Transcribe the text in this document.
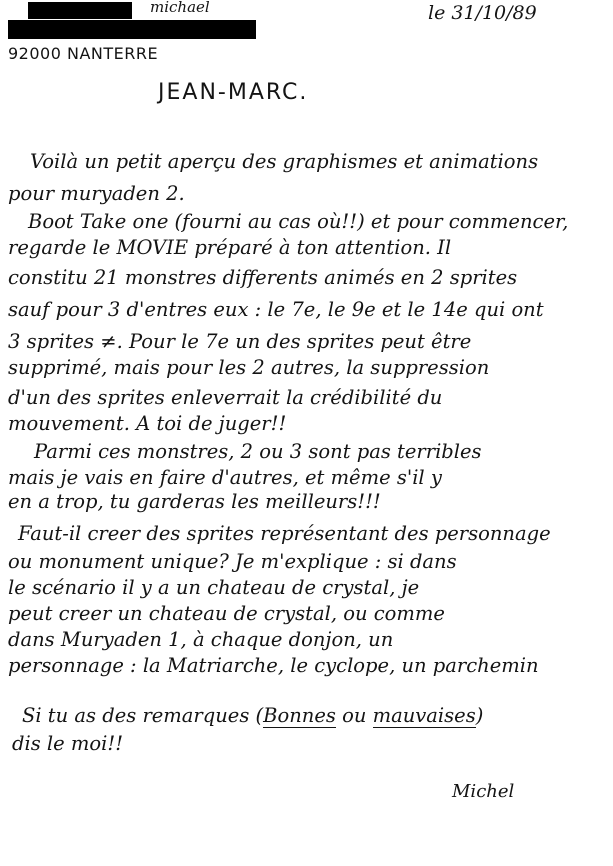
michael	le 31/10/89
92000 NANTERRE
JEAN-MARC.
Voilà un petit aperçu des graphismes et animations
pour muryaden 2.
Boot Take one (fourni au cas où!!) et pour commencer,
regarde le MOVIE préparé à ton attention. Il
constitu 21 monstres differents animés en 2 sprites
sauf pour 3 d'entres eux : le 7e, le 9e et le 14e qui ont
3 sprites ≠. Pour le 7e un des sprites peut être
supprimé, mais pour les 2 autres, la suppression
d'un des sprites enleverrait la crédibilité du
mouvement. A toi de juger!!
Parmi ces monstres, 2 ou 3 sont pas terribles
mais je vais en faire d'autres, et même s'il y
en a trop, tu garderas les meilleurs!!!
Faut-il creer des sprites représentant des personnage
ou monument unique? Je m'explique : si dans
le scénario il y a un chateau de crystal, je
peut creer un chateau de crystal, ou comme
dans Muryaden 1, à chaque donjon, un
personnage : la Matriarche, le cyclope, un parchemin
Si tu as des remarques (Bonnes ou mauvaises)
dis le moi!!
Michel
